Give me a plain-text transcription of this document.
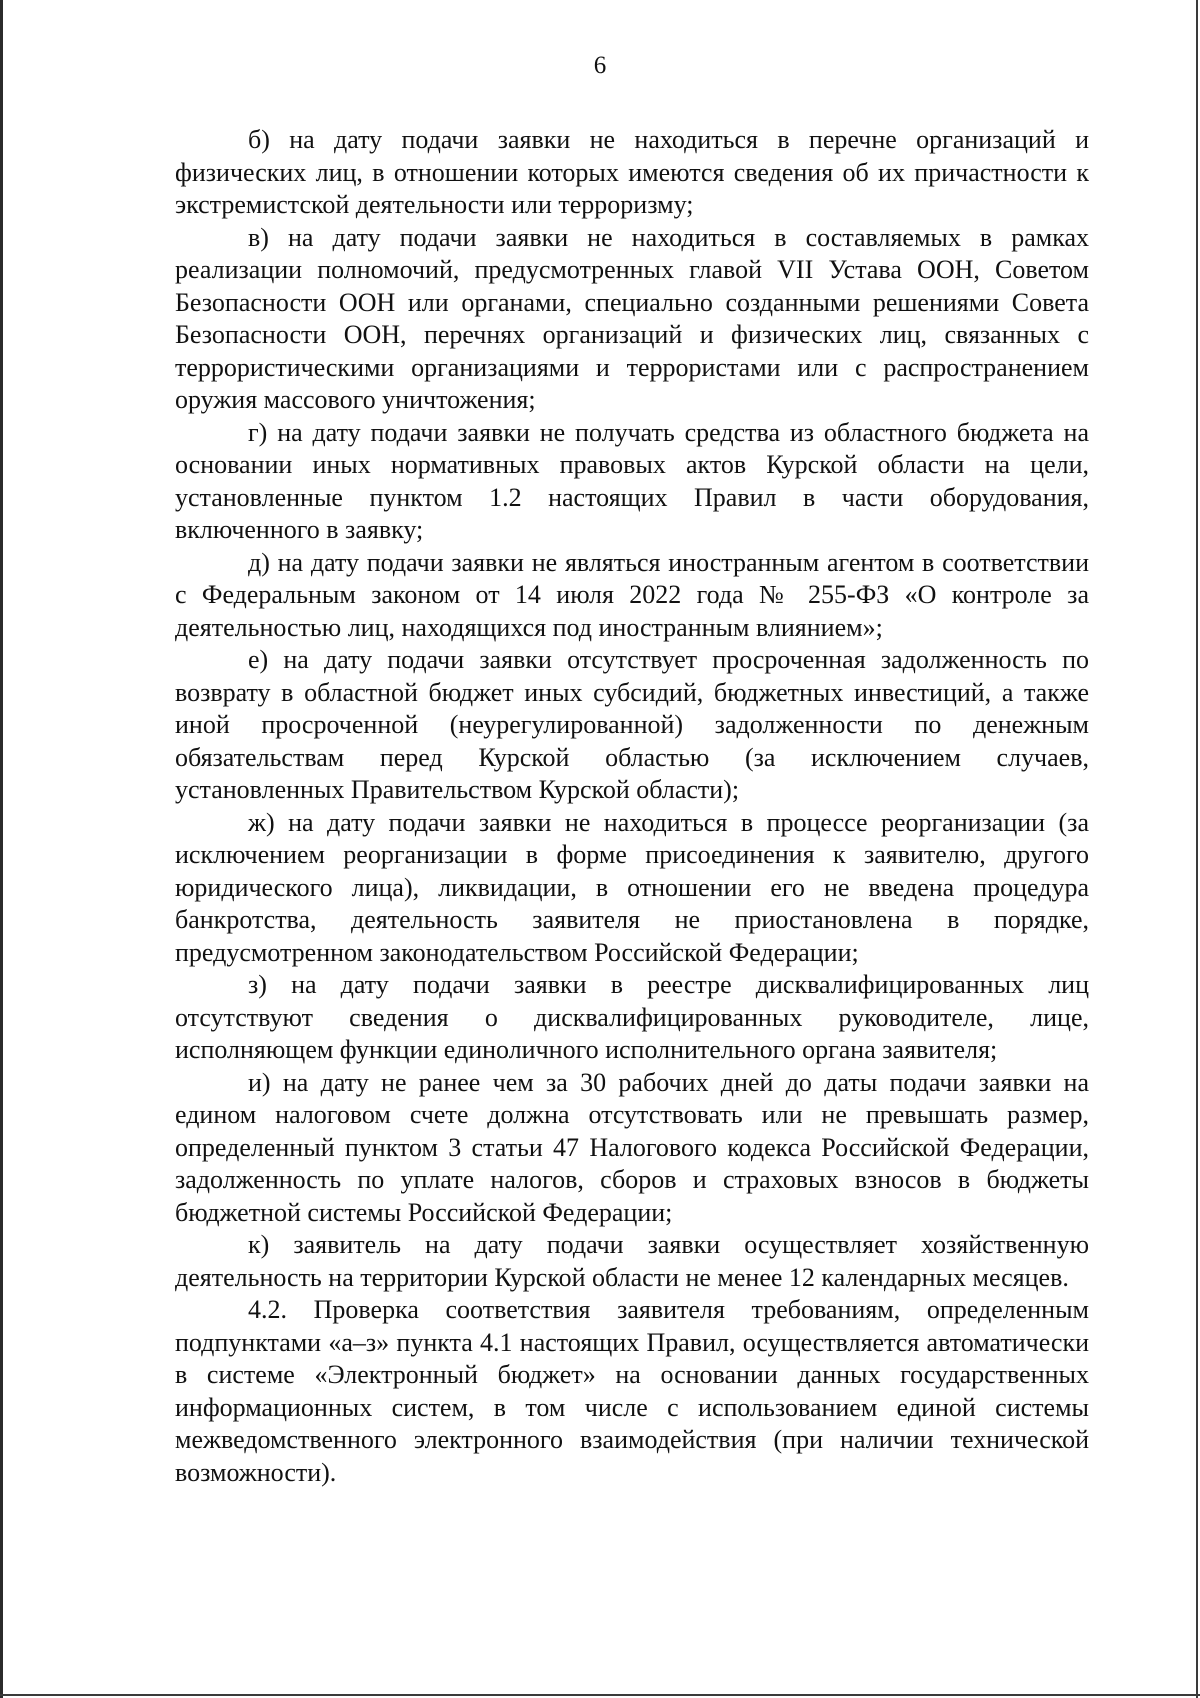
6

б) на дату подачи заявки не находиться в перечне организаций и физических лиц, в отношении которых имеются сведения об их причастности к экстремистской деятельности или терроризму;

в) на дату подачи заявки не находиться в составляемых в рамках реализации полномочий, предусмотренных главой VII Устава ООН, Советом Безопасности ООН или органами, специально созданными решениями Совета Безопасности ООН, перечнях организаций и физических лиц, связанных с террористическими организациями и террористами или с распространением оружия массового уничтожения;

г) на дату подачи заявки не получать средства из областного бюджета на основании иных нормативных правовых актов Курской области на цели, установленные пунктом 1.2 настоящих Правил в части оборудования, включенного в заявку;

д) на дату подачи заявки не являться иностранным агентом в соответствии с Федеральным законом от 14 июля 2022 года № 255-ФЗ «О контроле за деятельностью лиц, находящихся под иностранным влиянием»;

е) на дату подачи заявки отсутствует просроченная задолженность по возврату в областной бюджет иных субсидий, бюджетных инвестиций, а также иной просроченной (неурегулированной) задолженности по денежным обязательствам перед Курской областью (за исключением случаев, установленных Правительством Курской области);

ж) на дату подачи заявки не находиться в процессе реорганизации (за исключением реорганизации в форме присоединения к заявителю, другого юридического лица), ликвидации, в отношении его не введена процедура банкротства, деятельность заявителя не приостановлена в порядке, предусмотренном законодательством Российской Федерации;

з) на дату подачи заявки в реестре дисквалифицированных лиц отсутствуют сведения о дисквалифицированных руководителе, лице, исполняющем функции единоличного исполнительного органа заявителя;

и) на дату не ранее чем за 30 рабочих дней до даты подачи заявки на едином налоговом счете должна отсутствовать или не превышать размер, определенный пунктом 3 статьи 47 Налогового кодекса Российской Федерации, задолженность по уплате налогов, сборов и страховых взносов в бюджеты бюджетной системы Российской Федерации;

к) заявитель на дату подачи заявки осуществляет хозяйственную деятельность на территории Курской области не менее 12 календарных месяцев.

4.2. Проверка соответствия заявителя требованиям, определенным подпунктами «а–з» пункта 4.1 настоящих Правил, осуществляется автоматически в системе «Электронный бюджет» на основании данных государственных информационных систем, в том числе с использованием единой системы межведомственного электронного взаимодействия (при наличии технической возможности).
